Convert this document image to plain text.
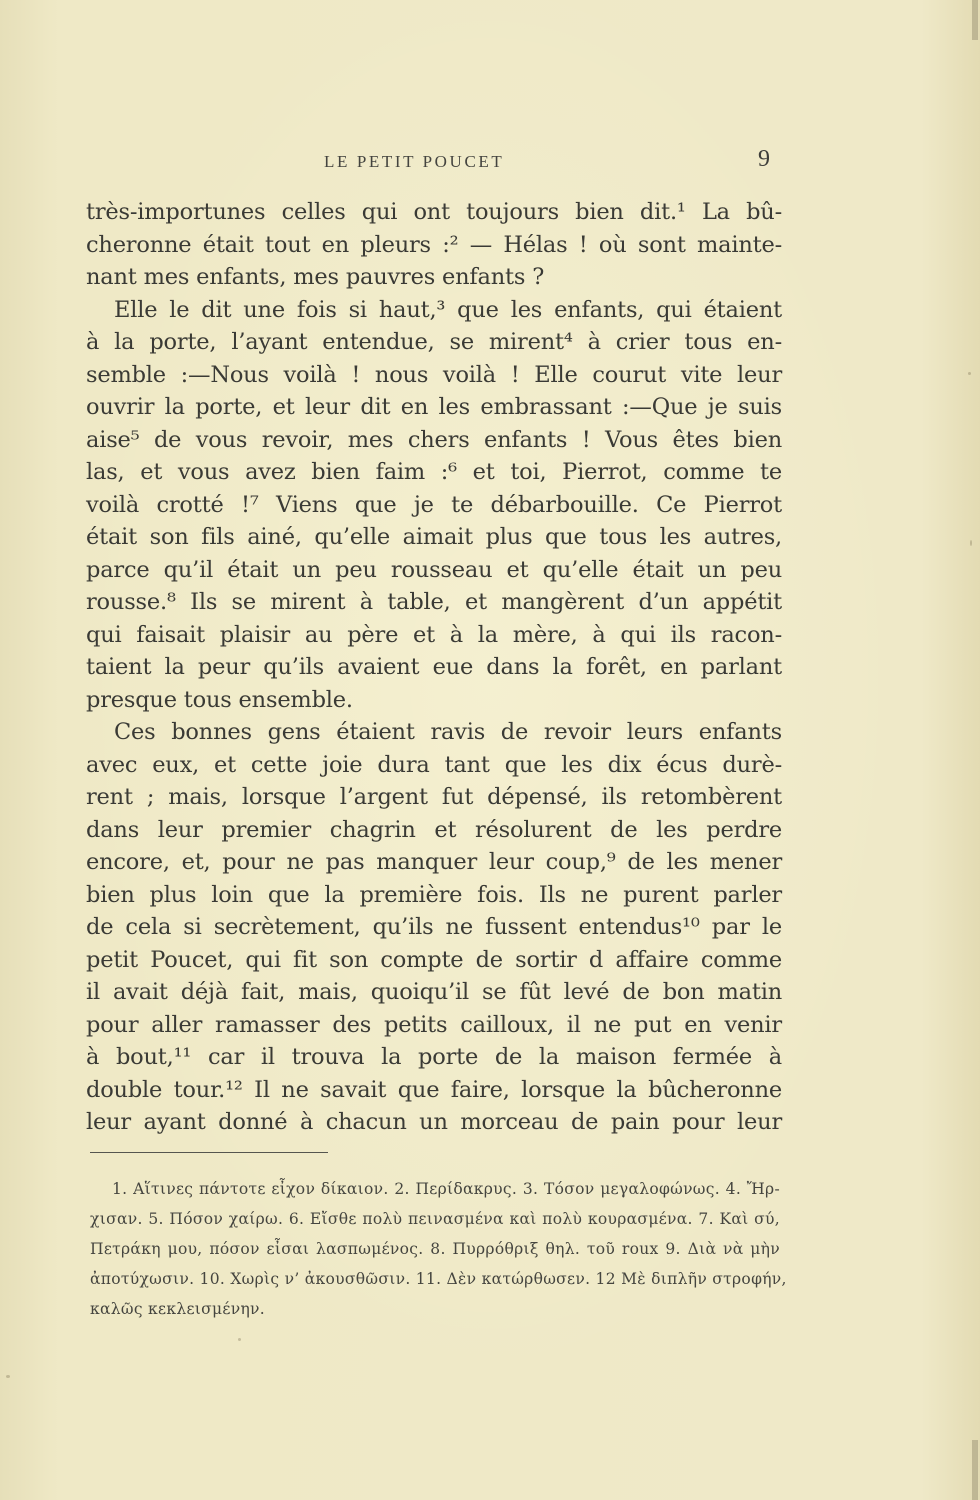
LE PETIT POUCET	9
très-importunes celles qui ont toujours bien dit.¹ La bû-
cheronne était tout en pleurs :² — Hélas ! où sont mainte-
nant mes enfants, mes pauvres enfants ?
Elle le dit une fois si haut,³ que les enfants, qui étaient
à la porte, l’ayant entendue, se mirent⁴ à crier tous en-
semble :—Nous voilà ! nous voilà ! Elle courut vite leur
ouvrir la porte, et leur dit en les embrassant :—Que je suis
aise⁵ de vous revoir, mes chers enfants ! Vous êtes bien
las, et vous avez bien faim :⁶ et toi, Pierrot, comme te
voilà crotté !⁷ Viens que je te débarbouille. Ce Pierrot
était son fils ainé, qu’elle aimait plus que tous les autres,
parce qu’il était un peu rousseau et qu’elle était un peu
rousse.⁸ Ils se mirent à table, et mangèrent d’un appétit
qui faisait plaisir au père et à la mère, à qui ils racon-
taient la peur qu’ils avaient eue dans la forêt, en parlant
presque tous ensemble.
Ces bonnes gens étaient ravis de revoir leurs enfants
avec eux, et cette joie dura tant que les dix écus durè-
rent ; mais, lorsque l’argent fut dépensé, ils retombèrent
dans leur premier chagrin et résolurent de les perdre
encore, et, pour ne pas manquer leur coup,⁹ de les mener
bien plus loin que la première fois. Ils ne purent parler
de cela si secrètement, qu’ils ne fussent entendus¹⁰ par le
petit Poucet, qui fit son compte de sortir d affaire comme
il avait déjà fait, mais, quoiqu’il se fût levé de bon matin
pour aller ramasser des petits cailloux, il ne put en venir
à bout,¹¹ car il trouva la porte de la maison fermée à
double tour.¹² Il ne savait que faire, lorsque la bûcheronne
leur ayant donné à chacun un morceau de pain pour leur
1. Αἵτινες πάντοτε εἶχον δίκαιον. 2. Περίδακρυς. 3. Τόσον μεγαλοφώνως. 4. Ἤρ-
χισαν. 5. Πόσον χαίρω. 6. Εἴσθε πολὺ πεινασμένα καὶ πολὺ κουρασμένα. 7. Καὶ σύ,
Πετράκη μου, πόσον εἶσαι λασπωμένος. 8. Πυρρόθριξ θηλ. τοῦ roux 9. Διὰ νὰ μὴν
ἀποτύχωσιν. 10. Χωρὶς ν’ ἀκουσθῶσιν. 11. Δὲν κατώρθωσεν. 12 Μὲ διπλῆν στροφήν,
καλῶς κεκλεισμένην.
